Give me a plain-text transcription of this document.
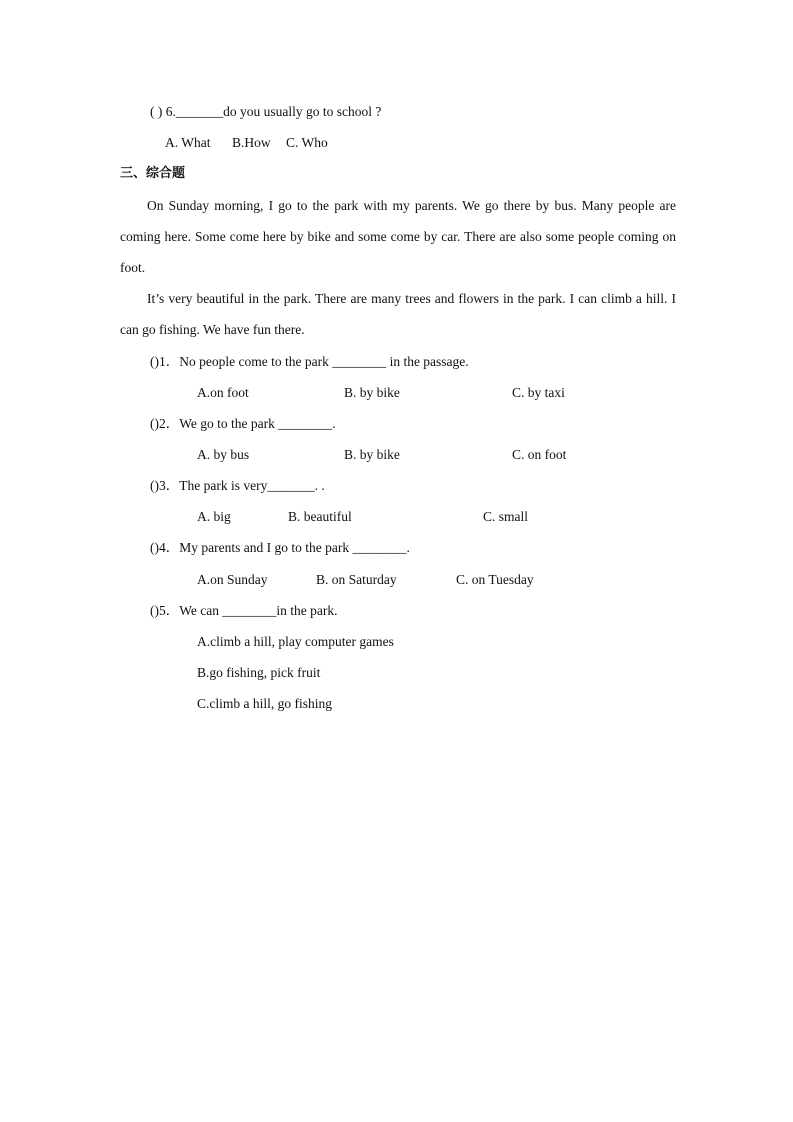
( ) 6._______do you usually go to school ?
A. What B.How C. Who
三、综合题
On Sunday morning, I go to the park with my parents. We go there by bus. Many people are coming here. Some come here by bike and some come by car. There are also some people coming on foot.
It’s very beautiful in the park. There are many trees and flowers in the park. I can climb a hill. I can go fishing. We have fun there.
()1．No people come to the park ________ in the passage.
A.on foot	B. by bike	C. by taxi
()2．We go to the park ________.
A. by bus	B. by bike	C. on foot
()3．The park is very_______. .
A. big	B. beautiful	C. small
()4．My parents and I go to the park ________.
A.on Sunday	B. on Saturday	C. on Tuesday
()5．We can ________in the park.
A.climb a hill, play computer games
B.go fishing, pick fruit
C.climb a hill, go fishing
